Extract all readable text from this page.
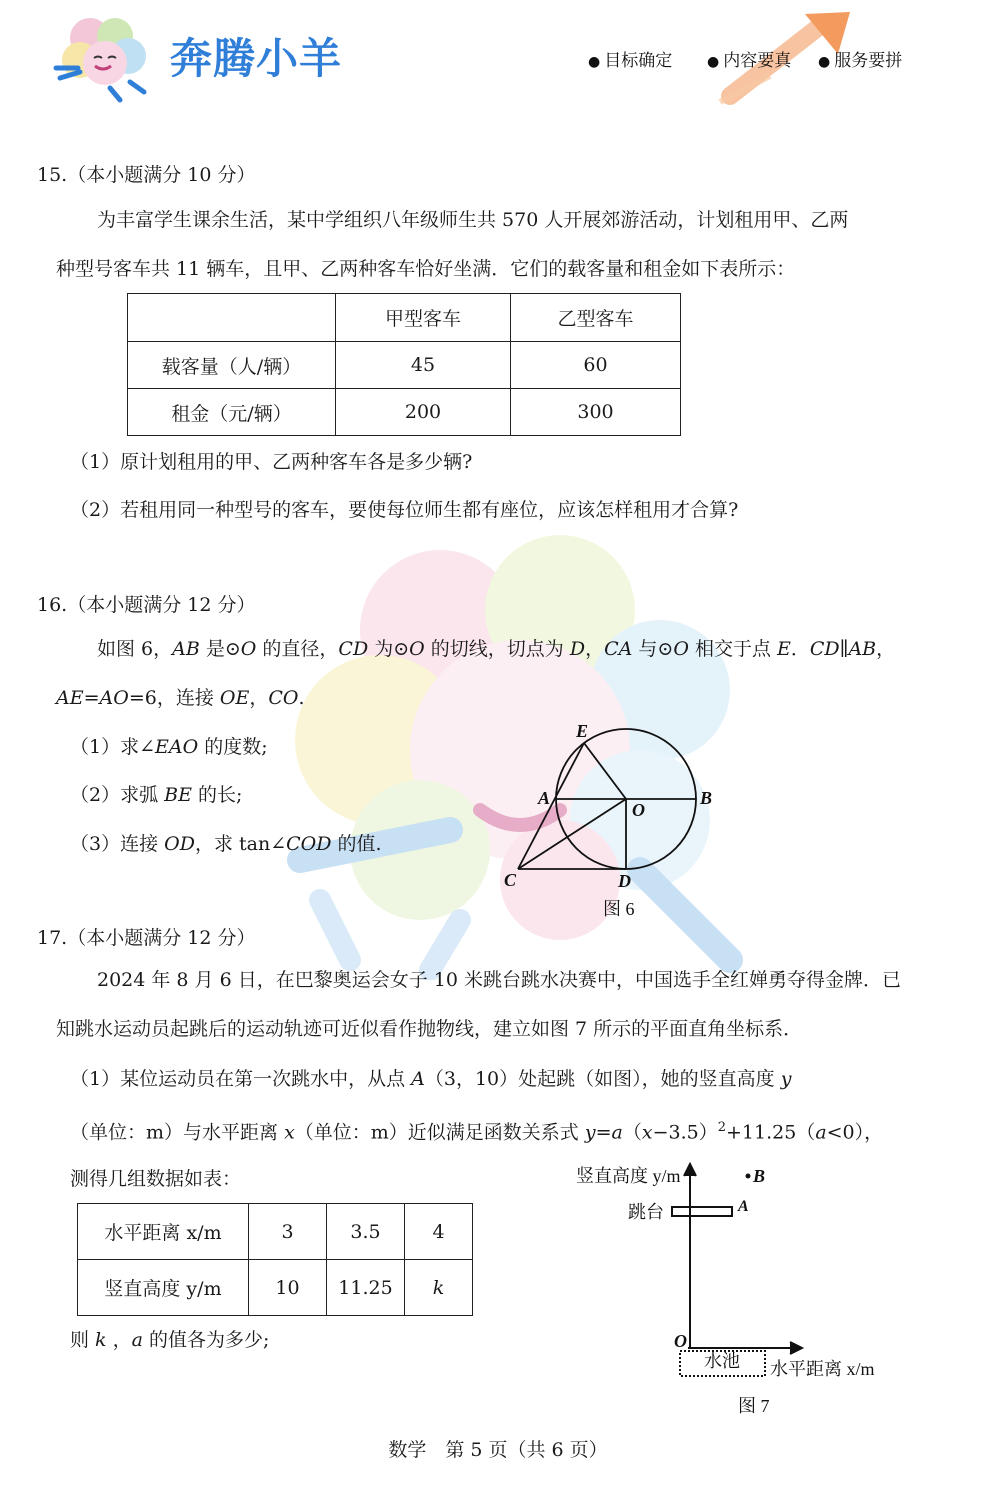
奔腾小羊	● 目标确定	● 内容要真	● 服务要拼
15.（本小题满分 10 分）
为丰富学生课余生活，某中学组织八年级师生共 570 人开展郊游活动，计划租用甲、乙两
种型号客车共 11 辆车，且甲、乙两种客车恰好坐满．它们的载客量和租金如下表所示：
	甲型客车	乙型客车
载客量（人/辆）	45	60
租金（元/辆）	200	300
（1）原计划租用的甲、乙两种客车各是多少辆?
（2）若租用同一种型号的客车，要使每位师生都有座位，应该怎样租用才合算?
16.（本小题满分 12 分）
如图 6，AB 是⊙O 的直径，CD 为⊙O 的切线，切点为 D，CA 与⊙O 相交于点 E．CD∥AB，
AE=AO=6，连接 OE，CO.
（1）求∠EAO 的度数;
（2）求弧 BE 的长;
（3）连接 OD，求 tan∠COD 的值.
E
A
O
B
C	D
图 6
17.（本小题满分 12 分）
2024 年 8 月 6 日，在巴黎奥运会女子 10 米跳台跳水决赛中，中国选手全红婵勇夺得金牌．已
知跳水运动员起跳后的运动轨迹可近似看作抛物线，建立如图 7 所示的平面直角坐标系．
（1）某位运动员在第一次跳水中，从点 A（3，10）处起跳（如图），她的竖直高度 y
（单位：m）与水平距离 x（单位：m）近似满足函数关系式 $y=a(x-3.5)^2+11.25(a<0)$，
测得几组数据如表：
水平距离 x/m	3	3.5	4
竖直高度 y/m	10	11.25	k
则 k ，a 的值各为多少;
竖直高度 y/m
跳台
水池 水平距离 x/m
O
A
B
图 7
数学　第 5 页（共 6 页）
